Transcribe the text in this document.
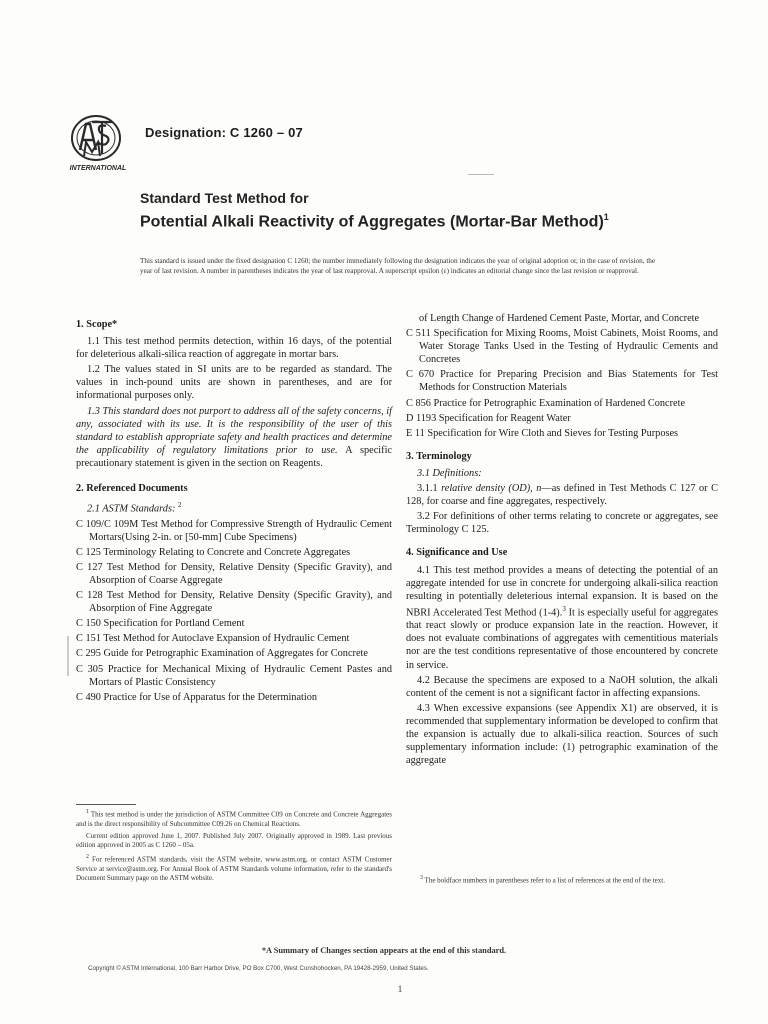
INTERNATIONAL
Designation: C 1260 – 07
Standard Test Method for
Potential Alkali Reactivity of Aggregates (Mortar-Bar Method)$^1$
This standard is issued under the fixed designation C 1260; the number immediately following the designation indicates the year of original adoption or, in the case of revision, the year of last revision. A number in parentheses indicates the year of last reapproval. A superscript epsilon (ε) indicates an editorial change since the last revision or reapproval.
1. Scope*

1.1 This test method permits detection, within 16 days, of the potential for deleterious alkali-silica reaction of aggregate in mortar bars.

1.2 The values stated in SI units are to be regarded as standard. The values in inch-pound units are shown in parentheses, and are for informational purposes only.

1.3 This standard does not purport to address all of the safety concerns, if any, associated with its use. It is the responsibility of the user of this standard to establish appropriate safety and health practices and determine the applicability of regulatory limitations prior to use. A specific precautionary statement is given in the section on Reagents.

2. Referenced Documents

2.1 ASTM Standards: $^2$

C 109/C 109M Test Method for Compressive Strength of Hydraulic Cement Mortars(Using 2-in. or [50-mm] Cube Specimens)

C 125 Terminology Relating to Concrete and Concrete Aggregates

C 127 Test Method for Density, Relative Density (Specific Gravity), and Absorption of Coarse Aggregate

C 128 Test Method for Density, Relative Density (Specific Gravity), and Absorption of Fine Aggregate

C 150 Specification for Portland Cement

C 151 Test Method for Autoclave Expansion of Hydraulic Cement

C 295 Guide for Petrographic Examination of Aggregates for Concrete

C 305 Practice for Mechanical Mixing of Hydraulic Cement Pastes and Mortars of Plastic Consistency

C 490 Practice for Use of Apparatus for the Determination

of Length Change of Hardened Cement Paste, Mortar, and Concrete

C 511 Specification for Mixing Rooms, Moist Cabinets, Moist Rooms, and Water Storage Tanks Used in the Testing of Hydraulic Cements and Concretes

C 670 Practice for Preparing Precision and Bias Statements for Test Methods for Construction Materials

C 856 Practice for Petrographic Examination of Hardened Concrete

D 1193 Specification for Reagent Water

E 11 Specification for Wire Cloth and Sieves for Testing Purposes

3. Terminology

3.1 Definitions:

3.1.1 relative density (OD), n—as defined in Test Methods C 127 or C 128, for coarse and fine aggregates, respectively.

3.2 For definitions of other terms relating to concrete or aggregates, see Terminology C 125.

4. Significance and Use

4.1 This test method provides a means of detecting the potential of an aggregate intended for use in concrete for undergoing alkali-silica reaction resulting in potentially deleterious internal expansion. It is based on the NBRI Accelerated Test Method (1-4).$^3$ It is especially useful for aggregates that react slowly or produce expansion late in the reaction. However, it does not evaluate combinations of aggregates with cementitious materials nor are the test conditions representative of those encountered by concrete in service.

4.2 Because the specimens are exposed to a NaOH solution, the alkali content of the cement is not a significant factor in affecting expansions.

4.3 When excessive expansions (see Appendix X1) are observed, it is recommended that supplementary information be developed to confirm that the expansion is actually due to alkali-silica reaction. Sources of such supplementary information include: (1) petrographic examination of the aggregate

$^1$ This test method is under the jurisdiction of ASTM Committee C09 on Concrete and Concrete Aggregates and is the direct responsibility of Subcommittee C09.26 on Chemical Reactions.

Current edition approved June 1, 2007. Published July 2007. Originally approved in 1989. Last previous edition approved in 2005 as C 1260 – 05a.

$^2$ For referenced ASTM standards, visit the ASTM website, www.astm.org, or contact ASTM Customer Service at service@astm.org. For Annual Book of ASTM Standards volume information, refer to the standard's Document Summary page on the ASTM website.	$^3$ The boldface numbers in parentheses refer to a list of references at the end of the text.

*A Summary of Changes section appears at the end of this standard.
Copyright © ASTM International, 100 Barr Harbor Drive, PO Box C700, West Conshohocken, PA 19428-2959, United States.
1
